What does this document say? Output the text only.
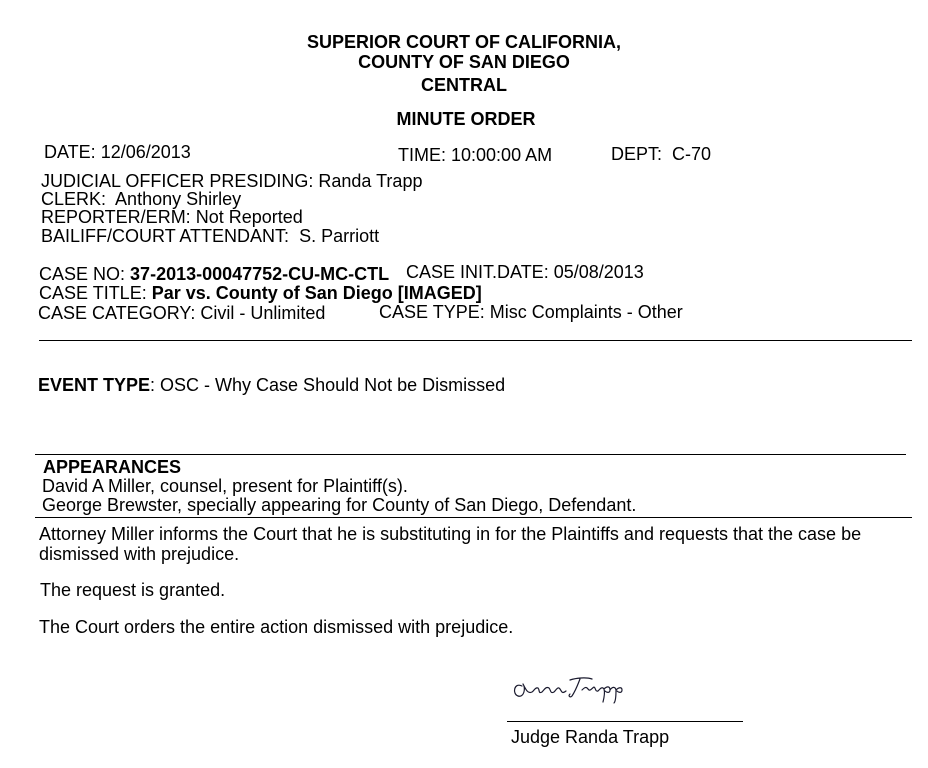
SUPERIOR COURT OF CALIFORNIA,
COUNTY OF SAN DIEGO
CENTRAL
MINUTE ORDER
DATE: 12/06/2013	TIME: 10:00:00 AM	DEPT: C-70
JUDICIAL OFFICER PRESIDING: Randa Trapp
CLERK: Anthony Shirley
REPORTER/ERM: Not Reported
BAILIFF/COURT ATTENDANT: S. Parriott
CASE NO: 37-2013-00047752-CU-MC-CTL CASE INIT.DATE: 05/08/2013
CASE TITLE: Par vs. County of San Diego [IMAGED]
CASE CATEGORY: Civil - Unlimited	CASE TYPE: Misc Complaints - Other
EVENT TYPE: OSC - Why Case Should Not be Dismissed
APPEARANCES
David A Miller, counsel, present for Plaintiff(s).
George Brewster, specially appearing for County of San Diego, Defendant.
Attorney Miller informs the Court that he is substituting in for the Plaintiffs and requests that the case be dismissed with prejudice.
The request is granted.
The Court orders the entire action dismissed with prejudice.
Judge Randa Trapp
